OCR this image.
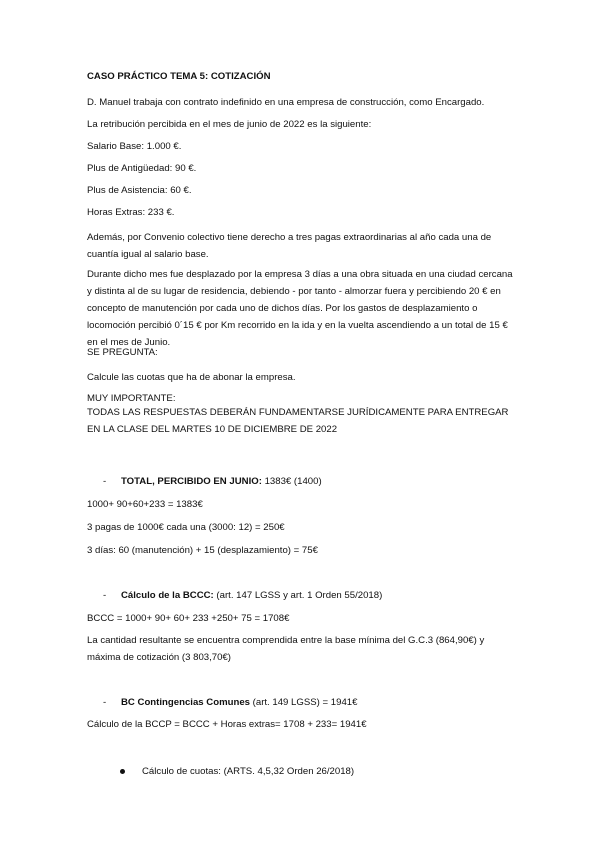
CASO PRÁCTICO TEMA 5: COTIZACIÓN

D. Manuel trabaja con contrato indefinido en una empresa de construcción, como Encargado.

La retribución percibida en el mes de junio de 2022 es la siguiente:

Salario Base: 1.000 €.

Plus de Antigüedad: 90 €.

Plus de Asistencia: 60 €.

Horas Extras: 233 €.

Además, por Convenio colectivo tiene derecho a tres pagas extraordinarias al año cada una de cuantía igual al salario base.

Durante dicho mes fue desplazado por la empresa 3 días a una obra situada en una ciudad cercana y distinta al de su lugar de residencia, debiendo - por tanto - almorzar fuera y percibiendo 20 € en concepto de manutención por cada uno de dichos días. Por los gastos de desplazamiento o locomoción percibió 0´15 € por Km recorrido en la ida y en la vuelta ascendiendo a un total de 15 € en el mes de Junio.

SE PREGUNTA:

Calcule las cuotas que ha de abonar la empresa.

MUY IMPORTANTE:

TODAS LAS RESPUESTAS DEBERÁN FUNDAMENTARSE JURÍDICAMENTE PARA ENTREGAR EN LA CLASE DEL MARTES 10 DE DICIEMBRE DE 2022

- TOTAL, PERCIBIDO EN JUNIO: 1383€ (1400)

1000+ 90+60+233 = 1383€

3 pagas de 1000€ cada una (3000: 12) = 250€

3 días: 60 (manutención) + 15 (desplazamiento) = 75€

- Cálculo de la BCCC: (art. 147 LGSS y art. 1 Orden 55/2018)

BCCC = 1000+ 90+ 60+ 233 +250+ 75 = 1708€

La cantidad resultante se encuentra comprendida entre la base mínima del G.C.3 (864,90€) y máxima de cotización (3 803,70€)

- BC Contingencias Comunes (art. 149 LGSS) = 1941€

Cálculo de la BCCP = BCCC + Horas extras= 1708 + 233= 1941€

Cálculo de cuotas: (ARTS. 4,5,32 Orden 26/2018)
